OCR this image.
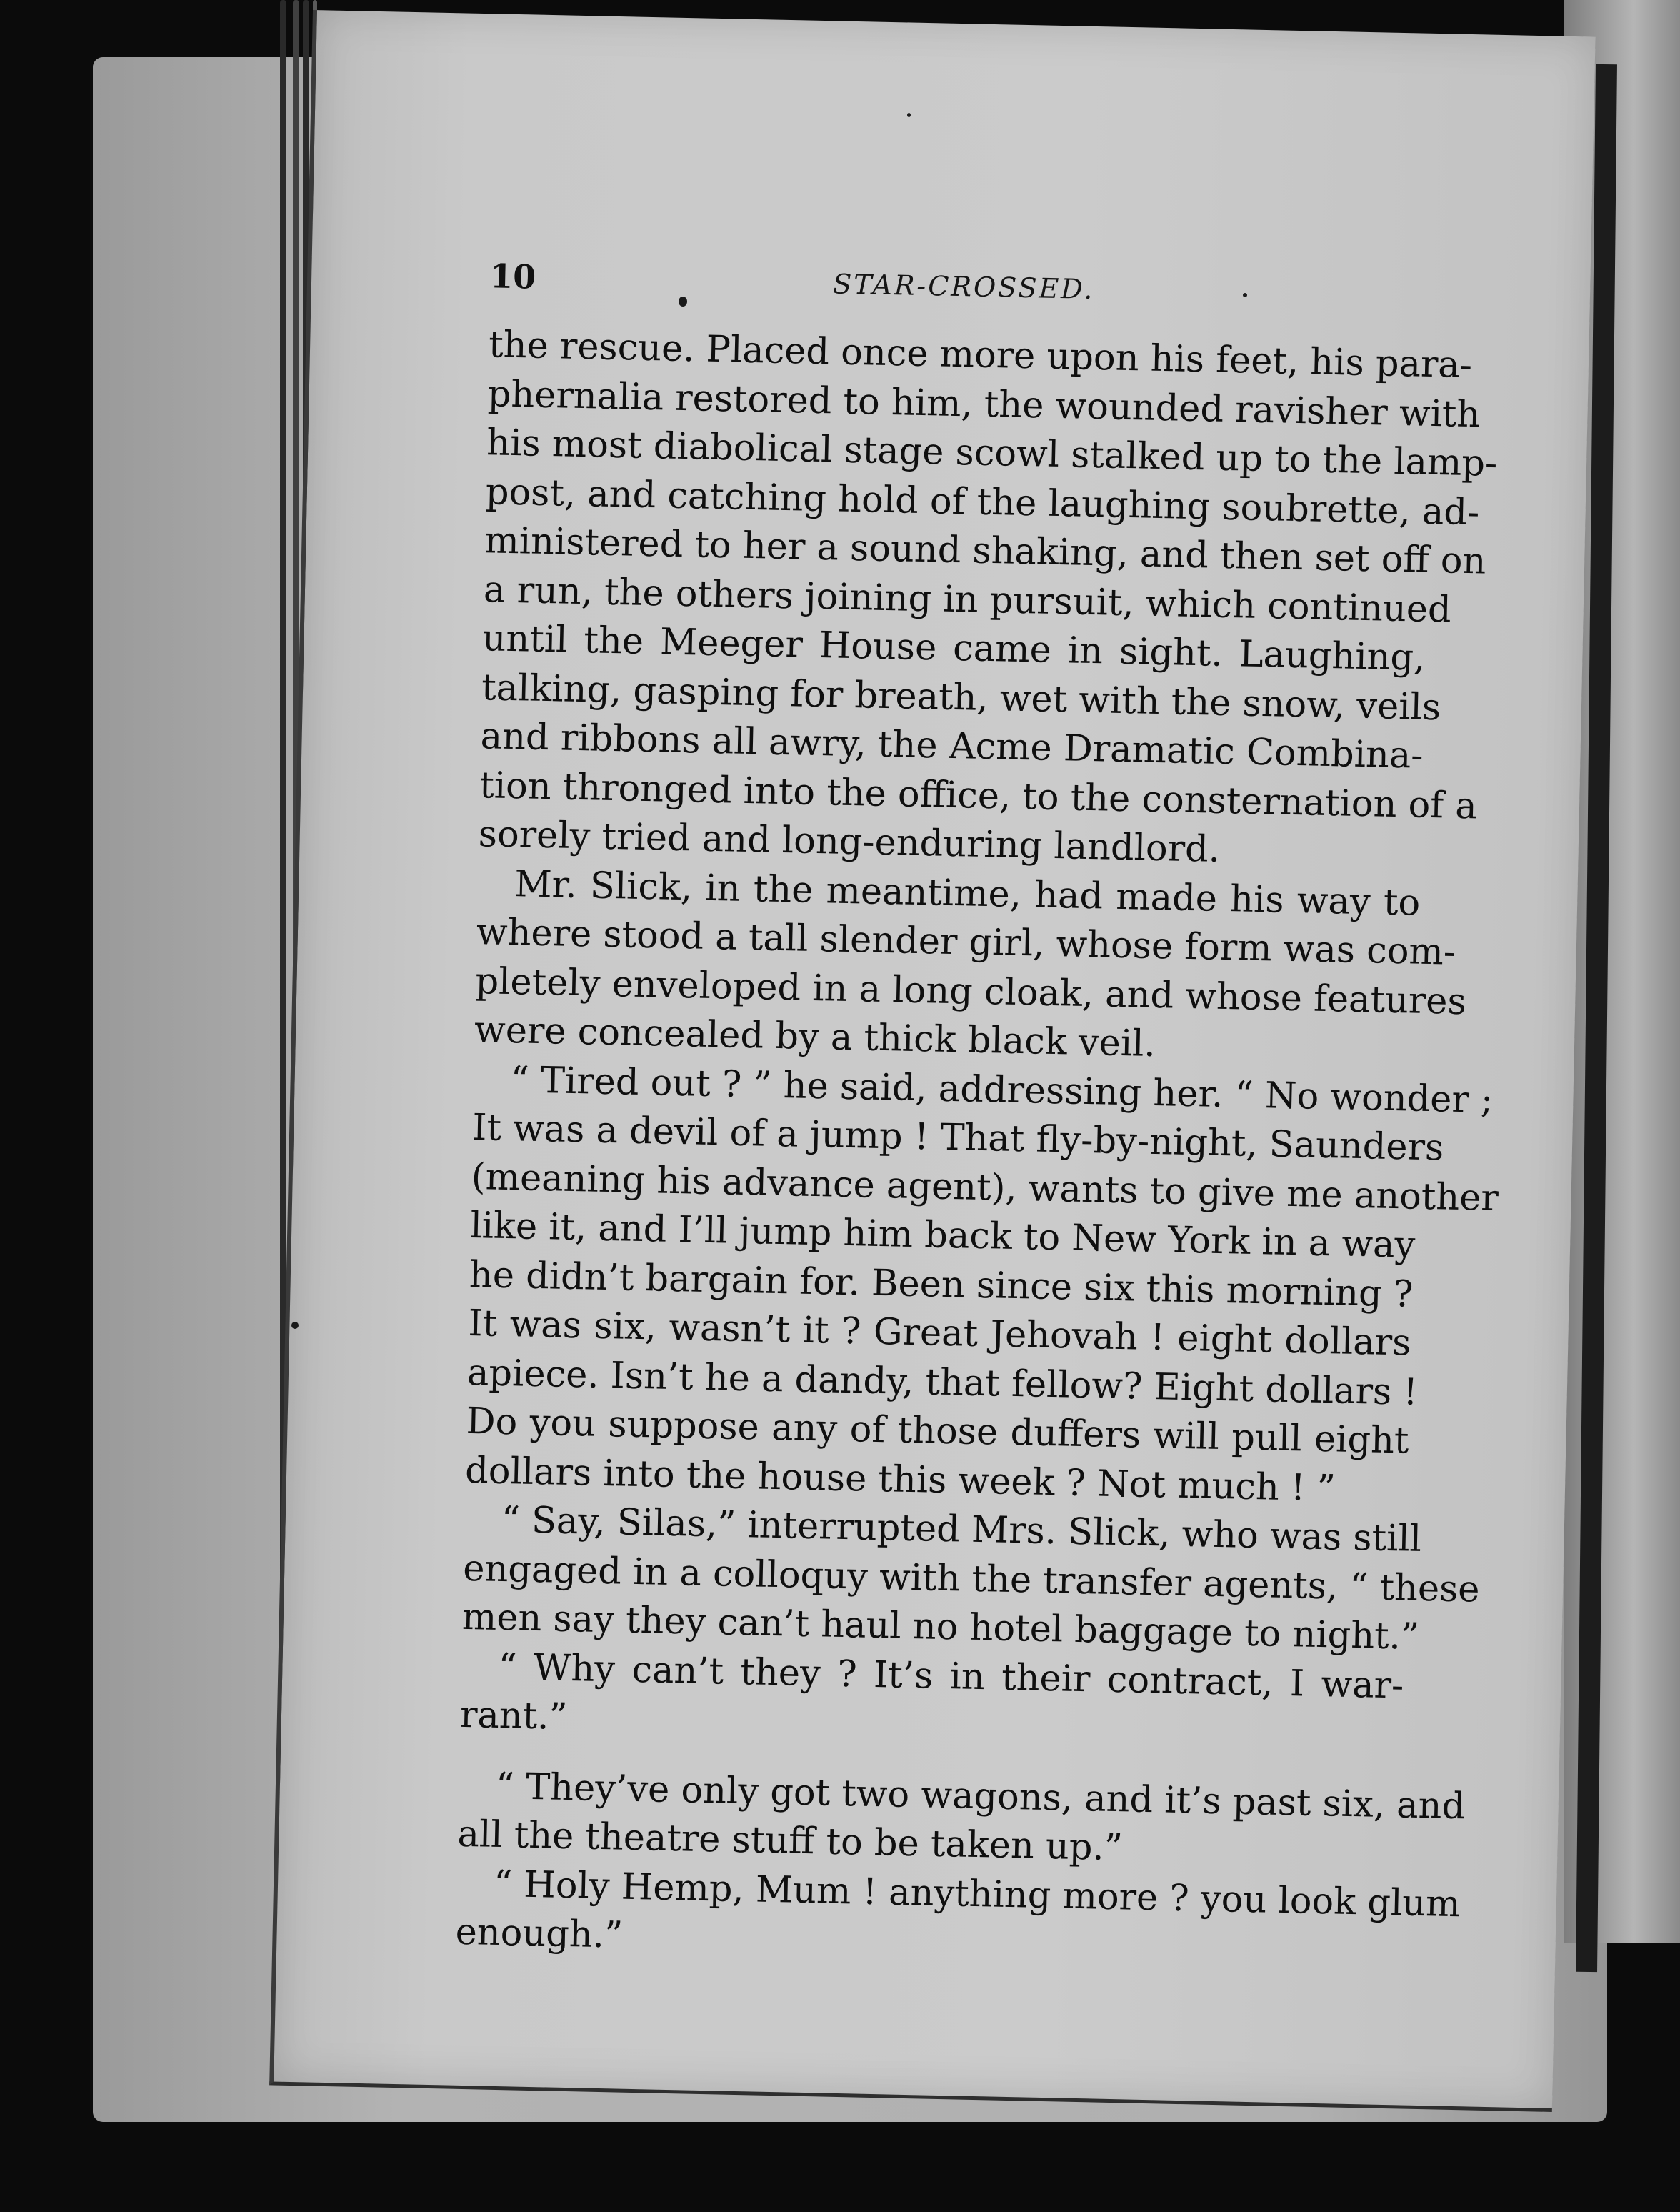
10	STAR-CROSSED.
the rescue. Placed once more upon his feet, his para-
phernalia restored to him, the wounded ravisher with
his most diabolical stage scowl stalked up to the lamp-
post, and catching hold of the laughing soubrette, ad-
ministered to her a sound shaking, and then set off on
a run, the others joining in pursuit, which continued
until the Meeger House came in sight. Laughing,
talking, gasping for breath, wet with the snow, veils
and ribbons all awry, the Acme Dramatic Combina-
tion thronged into the office, to the consternation of a
sorely tried and long-enduring landlord.
Mr. Slick, in the meantime, had made his way to
where stood a tall slender girl, whose form was com-
pletely enveloped in a long cloak, and whose features
were concealed by a thick black veil.
“ Tired out ? ” he said, addressing her. “ No wonder ;
It was a devil of a jump ! That fly-by-night, Saunders
(meaning his advance agent), wants to give me another
like it, and I’ll jump him back to New York in a way
he didn’t bargain for. Been since six this morning ?
It was six, wasn’t it ? Great Jehovah ! eight dollars
apiece. Isn’t he a dandy, that fellow? Eight dollars !
Do you suppose any of those duffers will pull eight
dollars into the house this week ? Not much ! ”
“ Say, Silas,” interrupted Mrs. Slick, who was still
engaged in a colloquy with the transfer agents, “ these
men say they can’t haul no hotel baggage to night.”
“ Why can’t they ? It’s in their contract, I war-
rant.”
“ They’ve only got two wagons, and it’s past six, and
all the theatre stuff to be taken up.”
“ Holy Hemp, Mum ! anything more ? you look glum
enough.”
